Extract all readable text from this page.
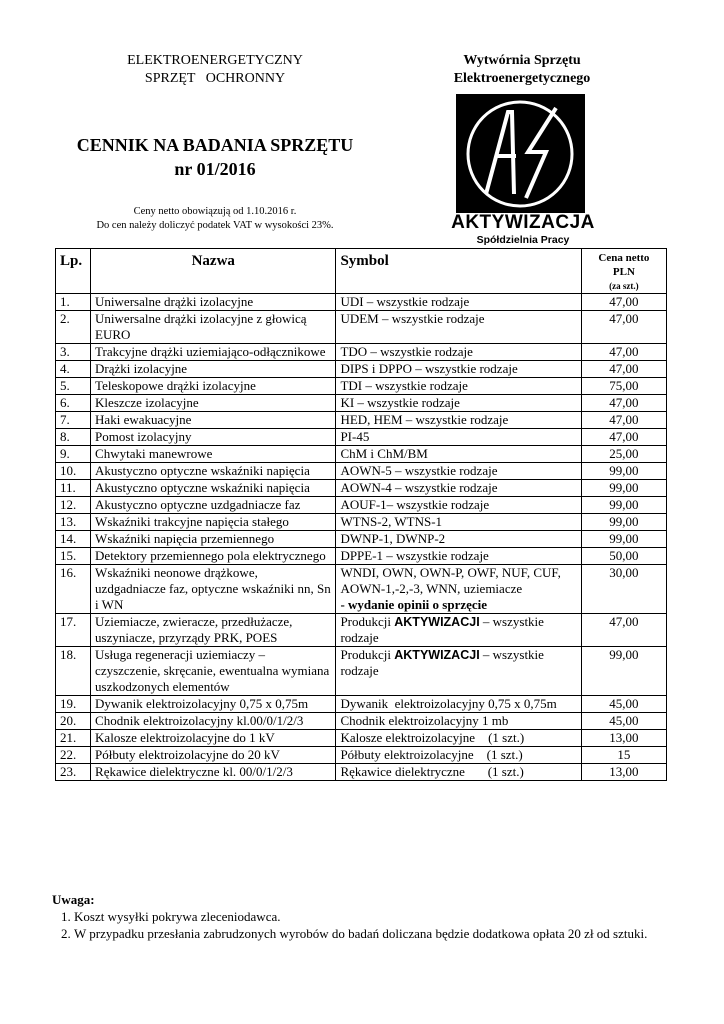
ELEKTROENERGETYCZNY
SPRZĘT   OCHRONNY
Wytwórnia Sprzętu
Elektroenergetycznego
CENNIK NA BADANIA SPRZĘTU
nr 01/2016
Ceny netto obowiązują od 1.10.2016 r.
Do cen należy doliczyć podatek VAT w wysokości 23%.
®
AKTYWIZACJA
Spółdzielnia Pracy
Lp.	Nazwa	Symbol	Cena netto
PLN
(za szt.)

1.	Uniwersalne drążki izolacyjne	UDI – wszystkie rodzaje	47,00
2.	Uniwersalne drążki izolacyjne z głowicą EURO	UDEM – wszystkie rodzaje	47,00
3.	Trakcyjne drążki uziemiająco-odłącznikowe	TDO – wszystkie rodzaje	47,00
4.	Drążki izolacyjne	DIPS i DPPO – wszystkie rodzaje	47,00
5.	Teleskopowe drążki izolacyjne	TDI – wszystkie rodzaje	75,00
6.	Kleszcze izolacyjne	KI – wszystkie rodzaje	47,00
7.	Haki ewakuacyjne	HED, HEM – wszystkie rodzaje	47,00
8.	Pomost izolacyjny	PI-45	47,00
9.	Chwytaki manewrowe	ChM i ChM/BM	25,00
10.	Akustyczno optyczne wskaźniki napięcia	AOWN-5 – wszystkie rodzaje	99,00
11.	Akustyczno optyczne wskaźniki napięcia	AOWN-4 – wszystkie rodzaje	99,00
12.	Akustyczno optyczne uzdgadniacze faz	AOUF-1– wszystkie rodzaje	99,00
13.	Wskaźniki trakcyjne napięcia stałego	WTNS-2, WTNS-1	99,00
14.	Wskaźniki napięcia przemiennego	DWNP-1, DWNP-2	99,00
15.	Detektory przemiennego pola elektrycznego	DPPE-1 – wszystkie rodzaje	50,00
16.	Wskaźniki neonowe drążkowe, uzdgadniacze faz, optyczne wskaźniki nn, Sn i WN	WNDI, OWN, OWN-P, OWF, NUF, CUF, AOWN-1,-2,-3, WNN, uziemiacze
- wydanie opinii o sprzęcie	30,00
17.	Uziemiacze, zwieracze, przedłużacze, uszyniacze, przyrządy PRK, POES	Produkcji AKTYWIZACJI – wszystkie rodzaje	47,00
18.	Usługa regeneracji uziemiaczy – czyszczenie, skręcanie, ewentualna wymiana uszkodzonych elementów	Produkcji AKTYWIZACJI – wszystkie rodzaje	99,00
19.	Dywanik elektroizolacyjny 0,75 x 0,75m	Dywanik  elektroizolacyjny 0,75 x 0,75m	45,00
20.	Chodnik elektroizolacyjny kl.00/0/1/2/3	Chodnik elektroizolacyjny 1 mb	45,00
21.	Kalosze elektroizolacyjne do 1 kV	Kalosze elektroizolacyjne    (1 szt.)	13,00
22.	Półbuty elektroizolacyjne do 20 kV	Półbuty elektroizolacyjne    (1 szt.)	15
23.	Rękawice dielektryczne kl. 00/0/1/2/3	Rękawice dielektryczne       (1 szt.)	13,00
Uwaga:
1. Koszt wysyłki pokrywa zleceniodawca.
2. W przypadku przesłania zabrudzonych wyrobów do badań doliczana będzie dodatkowa opłata 20 zł od sztuki.
